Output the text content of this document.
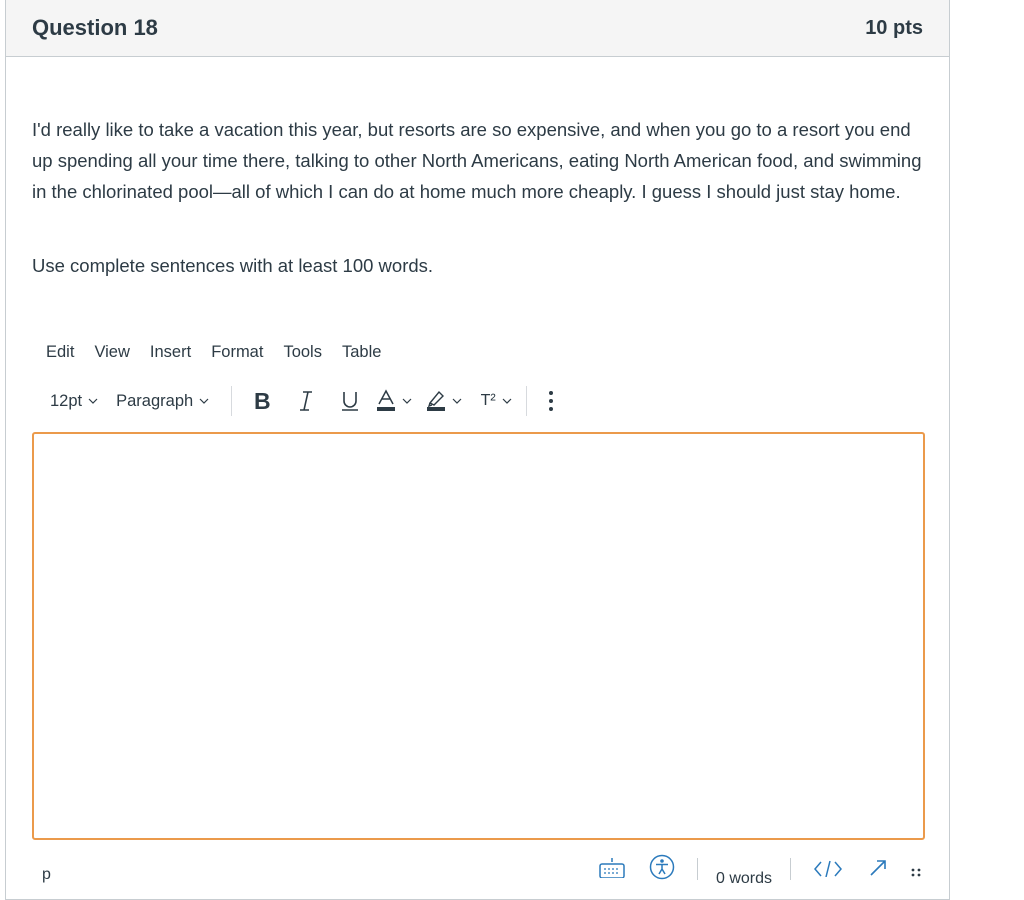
Question 18	10 pts
I'd really like to take a vacation this year, but resorts are so expensive, and when you go to a resort you end up spending all your time there, talking to other North Americans, eating North American food, and swimming in the chlorinated pool—all of which I can do at home much more cheaply. I guess I should just stay home.
Use complete sentences with at least 100 words.
Edit	View	Insert	Format	Tools	Table
12pt Paragraph	B	T²
p	0 words
